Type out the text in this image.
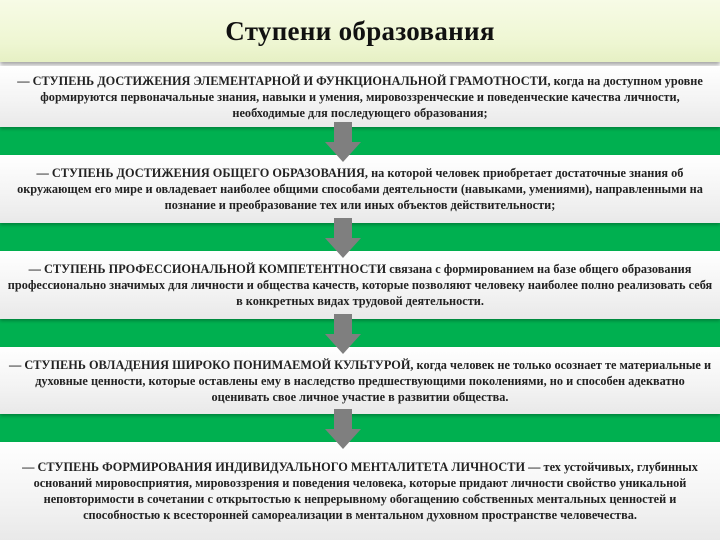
Ступени образования

— СТУПЕНЬ ДОСТИЖЕНИЯ ЭЛЕМЕНТАРНОЙ И ФУНКЦИОНАЛЬНОЙ ГРАМОТНОСТИ, когда на доступном уровне формируются первоначальные знания, навыки и умения, мировоззренческие и поведенческие качества личности, необходимые для последующего образования;

— СТУПЕНЬ ДОСТИЖЕНИЯ ОБЩЕГО ОБРАЗОВАНИЯ, на которой человек приобретает достаточные знания об окружающем его мире и овладевает наиболее общими способами деятельности (навыками, умениями), направленными на познание и преобразование тех или иных объектов действительности;

— СТУПЕНЬ ПРОФЕССИОНАЛЬНОЙ КОМПЕТЕНТНОСТИ связана с формированием на базе общего образования профессионально значимых для личности и общества качеств, которые позволяют человеку наиболее полно реализовать себя в конкретных видах трудовой деятельности.

— СТУПЕНЬ ОВЛАДЕНИЯ ШИРОКО ПОНИМАЕМОЙ КУЛЬТУРОЙ, когда человек не только осознает те материальные и духовные ценности, которые оставлены ему в наследство предшествующими поколениями, но и способен адекватно оценивать свое личное участие в развитии общества.

— СТУПЕНЬ ФОРМИРОВАНИЯ ИНДИВИДУАЛЬНОГО МЕНТАЛИТЕТА ЛИЧНОСТИ — тех устойчивых, глубинных оснований мировосприятия, мировоззрения и поведения человека, которые придают личности свойство уникальной неповторимости в сочетании с открытостью к непрерывному обогащению собственных ментальных ценностей и способностью к всесторонней самореализации в ментальном духовном пространстве человечества.
